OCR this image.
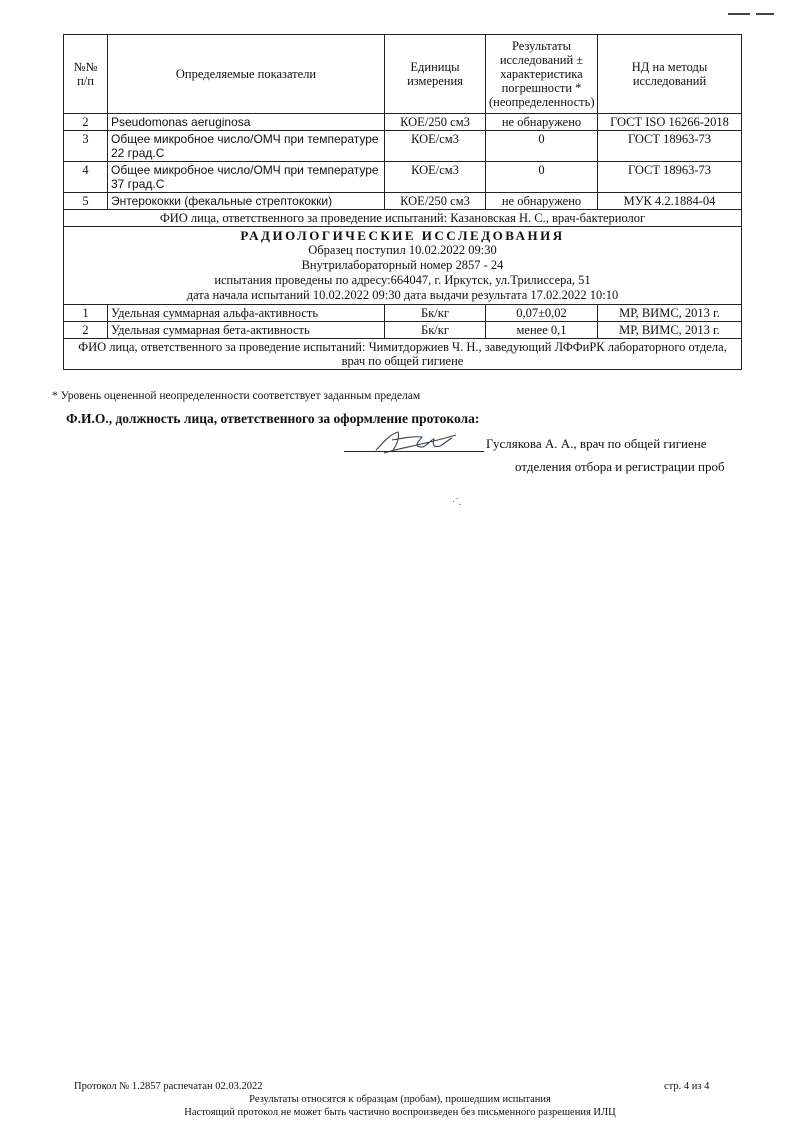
№№ п/п	Определяемые показатели	Единицы измерения	Результаты исследований ± характеристика погрешности *(неопределенность)	НД на методы исследований
2	Pseudomonas aeruginosa	КОЕ/250 см3	не обнаружено	ГОСТ ISO 16266-2018
3	Общее микробное число/ОМЧ при температуре 22 град.С	КОЕ/см3	0	ГОСТ 18963-73
4	Общее микробное число/ОМЧ при температуре 37 град.С	КОЕ/см3	0	ГОСТ 18963-73
5	Энтерококки (фекальные стрептококки)	КОЕ/250 см3	не обнаружено	МУК 4.2.1884-04
ФИО лица, ответственного за проведение испытаний: Казановская Н. С., врач-бактериолог				

РАДИОЛОГИЧЕСКИЕ ИССЛЕДОВАНИЯ
Образец поступил 10.02.2022 09:30
Внутрилабораторный номер 2857 - 24
испытания проведены по адресу:664047, г. Иркутск, ул.Трилиссера, 51
дата начала испытаний 10.02.2022 09:30 дата выдачи результата 17.02.2022 10:10				

1	Удельная суммарная альфа-активность	Бк/кг	0,07±0,02	МР, ВИМС, 2013 г.
2	Удельная суммарная бета-активность	Бк/кг	менее 0,1	МР, ВИМС, 2013 г.
ФИО лица, ответственного за проведение испытаний: Чимитдоржиев Ч. Н., заведующий ЛФФиРК лабораторного отдела, врач по общей гигиене				
* Уровень оцененной неопределенности соответствует заданным пределам
Ф.И.О., должность лица, ответственного за оформление протокола:
Гуслякова А. А., врач по общей гигиене
отделения отбора и регистрации проб
·˙.
Протокол № 1.2857 распечатан 02.03.2022	стр. 4 из 4
Результаты относятся к образцам (пробам), прошедшим испытания
Настоящий протокол не может быть частично воспроизведен без письменного разрешения ИЛЦ
